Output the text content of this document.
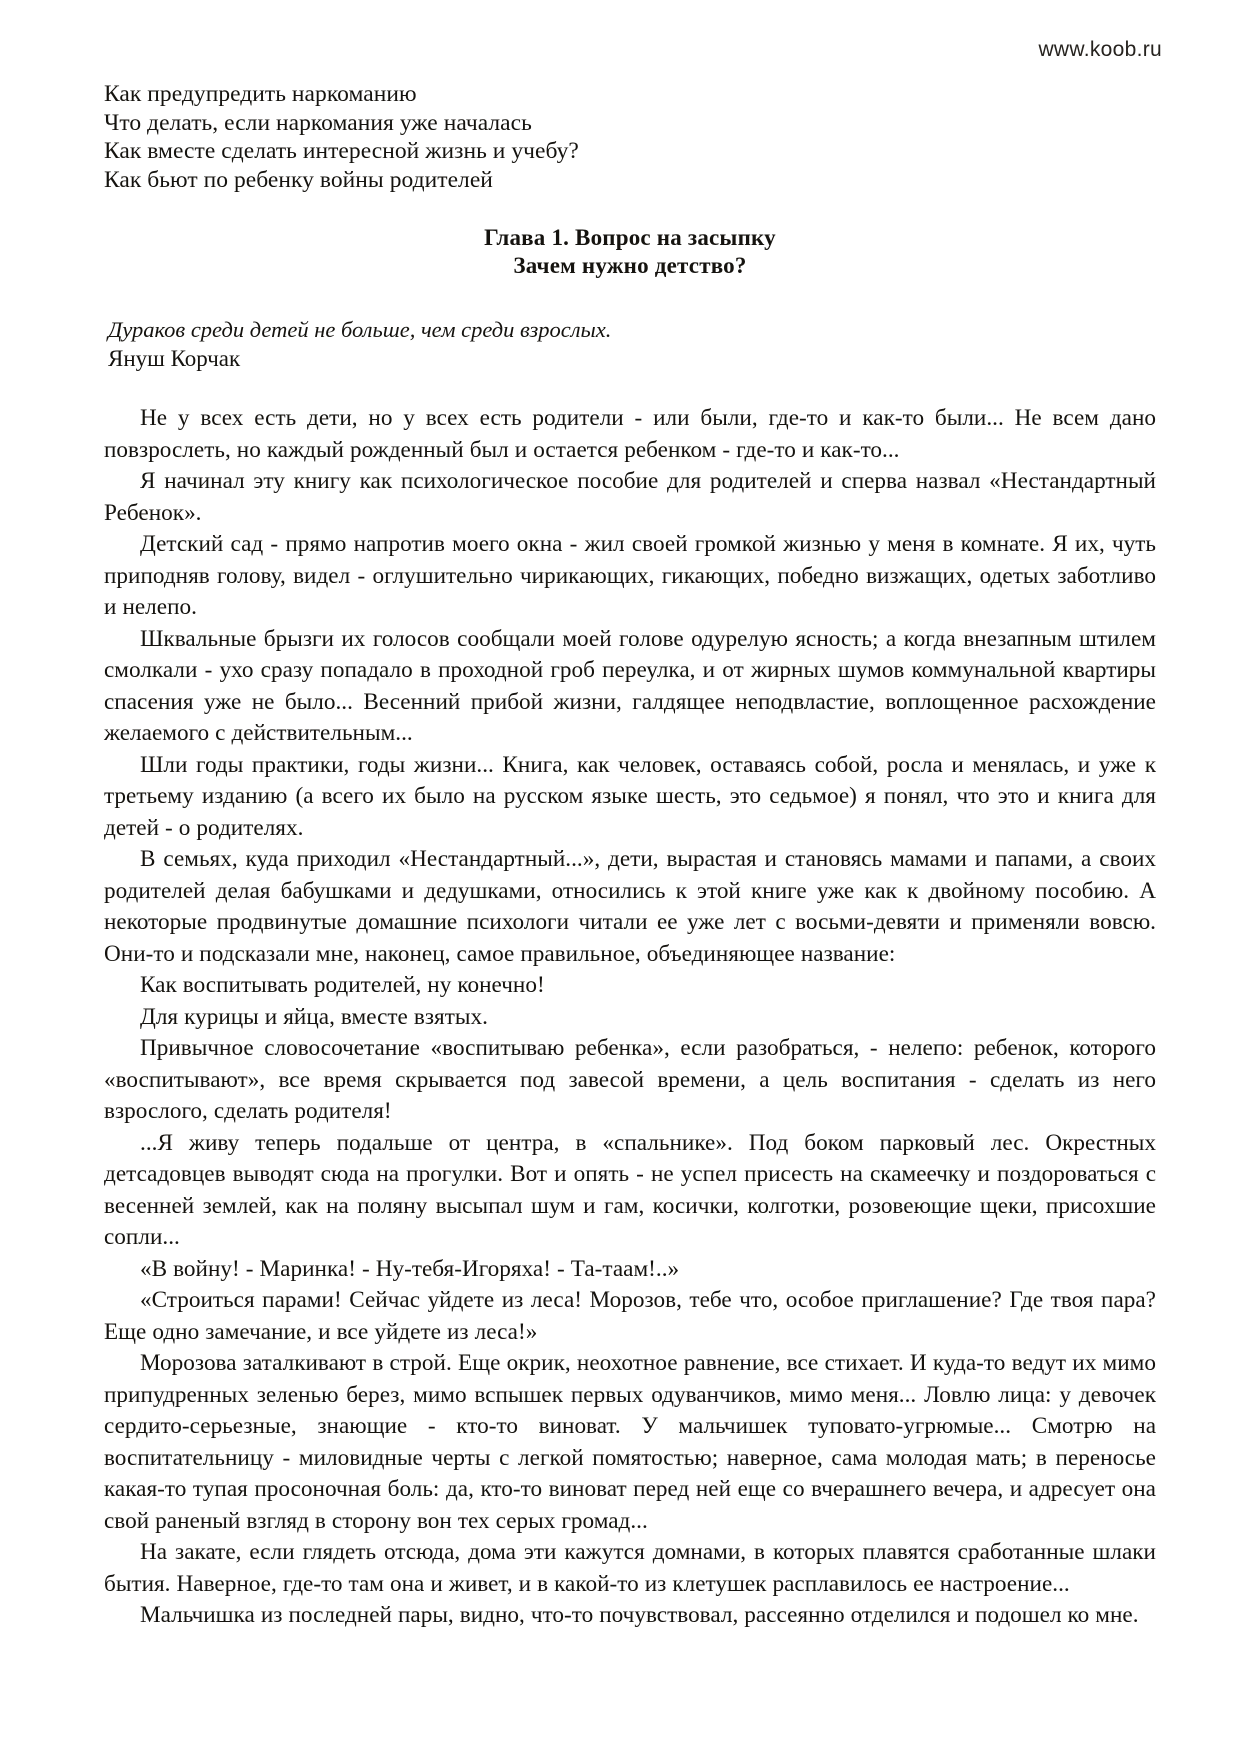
www.koob.ru
Как предупредить наркоманию
Что делать, если наркомания уже началась
Как вместе сделать интересной жизнь и учебу?
Как бьют по ребенку войны родителей
Глава 1. Вопрос на засыпку
Зачем нужно детство?
Дураков среди детей не больше, чем среди взрослых.
Януш Корчак

Не у всех есть дети, но у всех есть родители - или были, где-то и как-то были... Не всем дано повзрослеть, но каждый рожденный был и остается ребенком - где-то и как-то...

Я начинал эту книгу как психологическое пособие для родителей и сперва назвал «Нестандартный Ребенок».

Детский сад - прямо напротив моего окна - жил своей громкой жизнью у меня в комнате. Я их, чуть приподняв голову, видел - оглушительно чирикающих, гикающих, победно визжащих, одетых заботливо и нелепо.

Шквальные брызги их голосов сообщали моей голове одурелую ясность; а когда внезапным штилем смолкали - ухо сразу попадало в проходной гроб переулка, и от жирных шумов коммунальной квартиры спасения уже не было... Весенний прибой жизни, галдящее неподвластие, воплощенное расхождение желаемого с действительным...

Шли годы практики, годы жизни... Книга, как человек, оставаясь собой, росла и менялась, и уже к третьему изданию (а всего их было на русском языке шесть, это седьмое) я понял, что это и книга для детей - о родителях.

В семьях, куда приходил «Нестандартный...», дети, вырастая и становясь мамами и папами, а своих родителей делая бабушками и дедушками, относились к этой книге уже как к двойному пособию. А некоторые продвинутые домашние психологи читали ее уже лет с восьми-девяти и применяли вовсю. Они-то и подсказали мне, наконец, самое правильное, объединяющее название:

Как воспитывать родителей, ну конечно!

Для курицы и яйца, вместе взятых.

Привычное словосочетание «воспитываю ребенка», если разобраться, - нелепо: ребенок, которого «воспитывают», все время скрывается под завесой времени, а цель воспитания - сделать из него взрослого, сделать родителя!

...Я живу теперь подальше от центра, в «спальнике». Под боком парковый лес. Окрестных детсадовцев выводят сюда на прогулки. Вот и опять - не успел присесть на скамеечку и поздороваться с весенней землей, как на поляну высыпал шум и гам, косички, колготки, розовеющие щеки, присохшие сопли...

«В войну! - Маринка! - Ну-тебя-Игоряха! - Та-таам!..»

«Строиться парами! Сейчас уйдете из леса! Морозов, тебе что, особое приглашение? Где твоя пара? Еще одно замечание, и все уйдете из леса!»

Морозова заталкивают в строй. Еще окрик, неохотное равнение, все стихает. И куда-то ведут их мимо припудренных зеленью берез, мимо вспышек первых одуванчиков, мимо меня... Ловлю лица: у девочек сердито-серьезные, знающие - кто-то виноват. У мальчишек туповато-угрюмые... Смотрю на воспитательницу - миловидные черты с легкой помятостью; наверное, сама молодая мать; в переносье какая-то тупая просоночная боль: да, кто-то виноват перед ней еще со вчерашнего вечера, и адресует она свой раненый взгляд в сторону вон тех серых громад...

На закате, если глядеть отсюда, дома эти кажутся домнами, в которых плавятся сработанные шлаки бытия. Наверное, где-то там она и живет, и в какой-то из клетушек расплавилось ее настроение...

Мальчишка из последней пары, видно, что-то почувствовал, рассеянно отделился и подошел ко мне.
